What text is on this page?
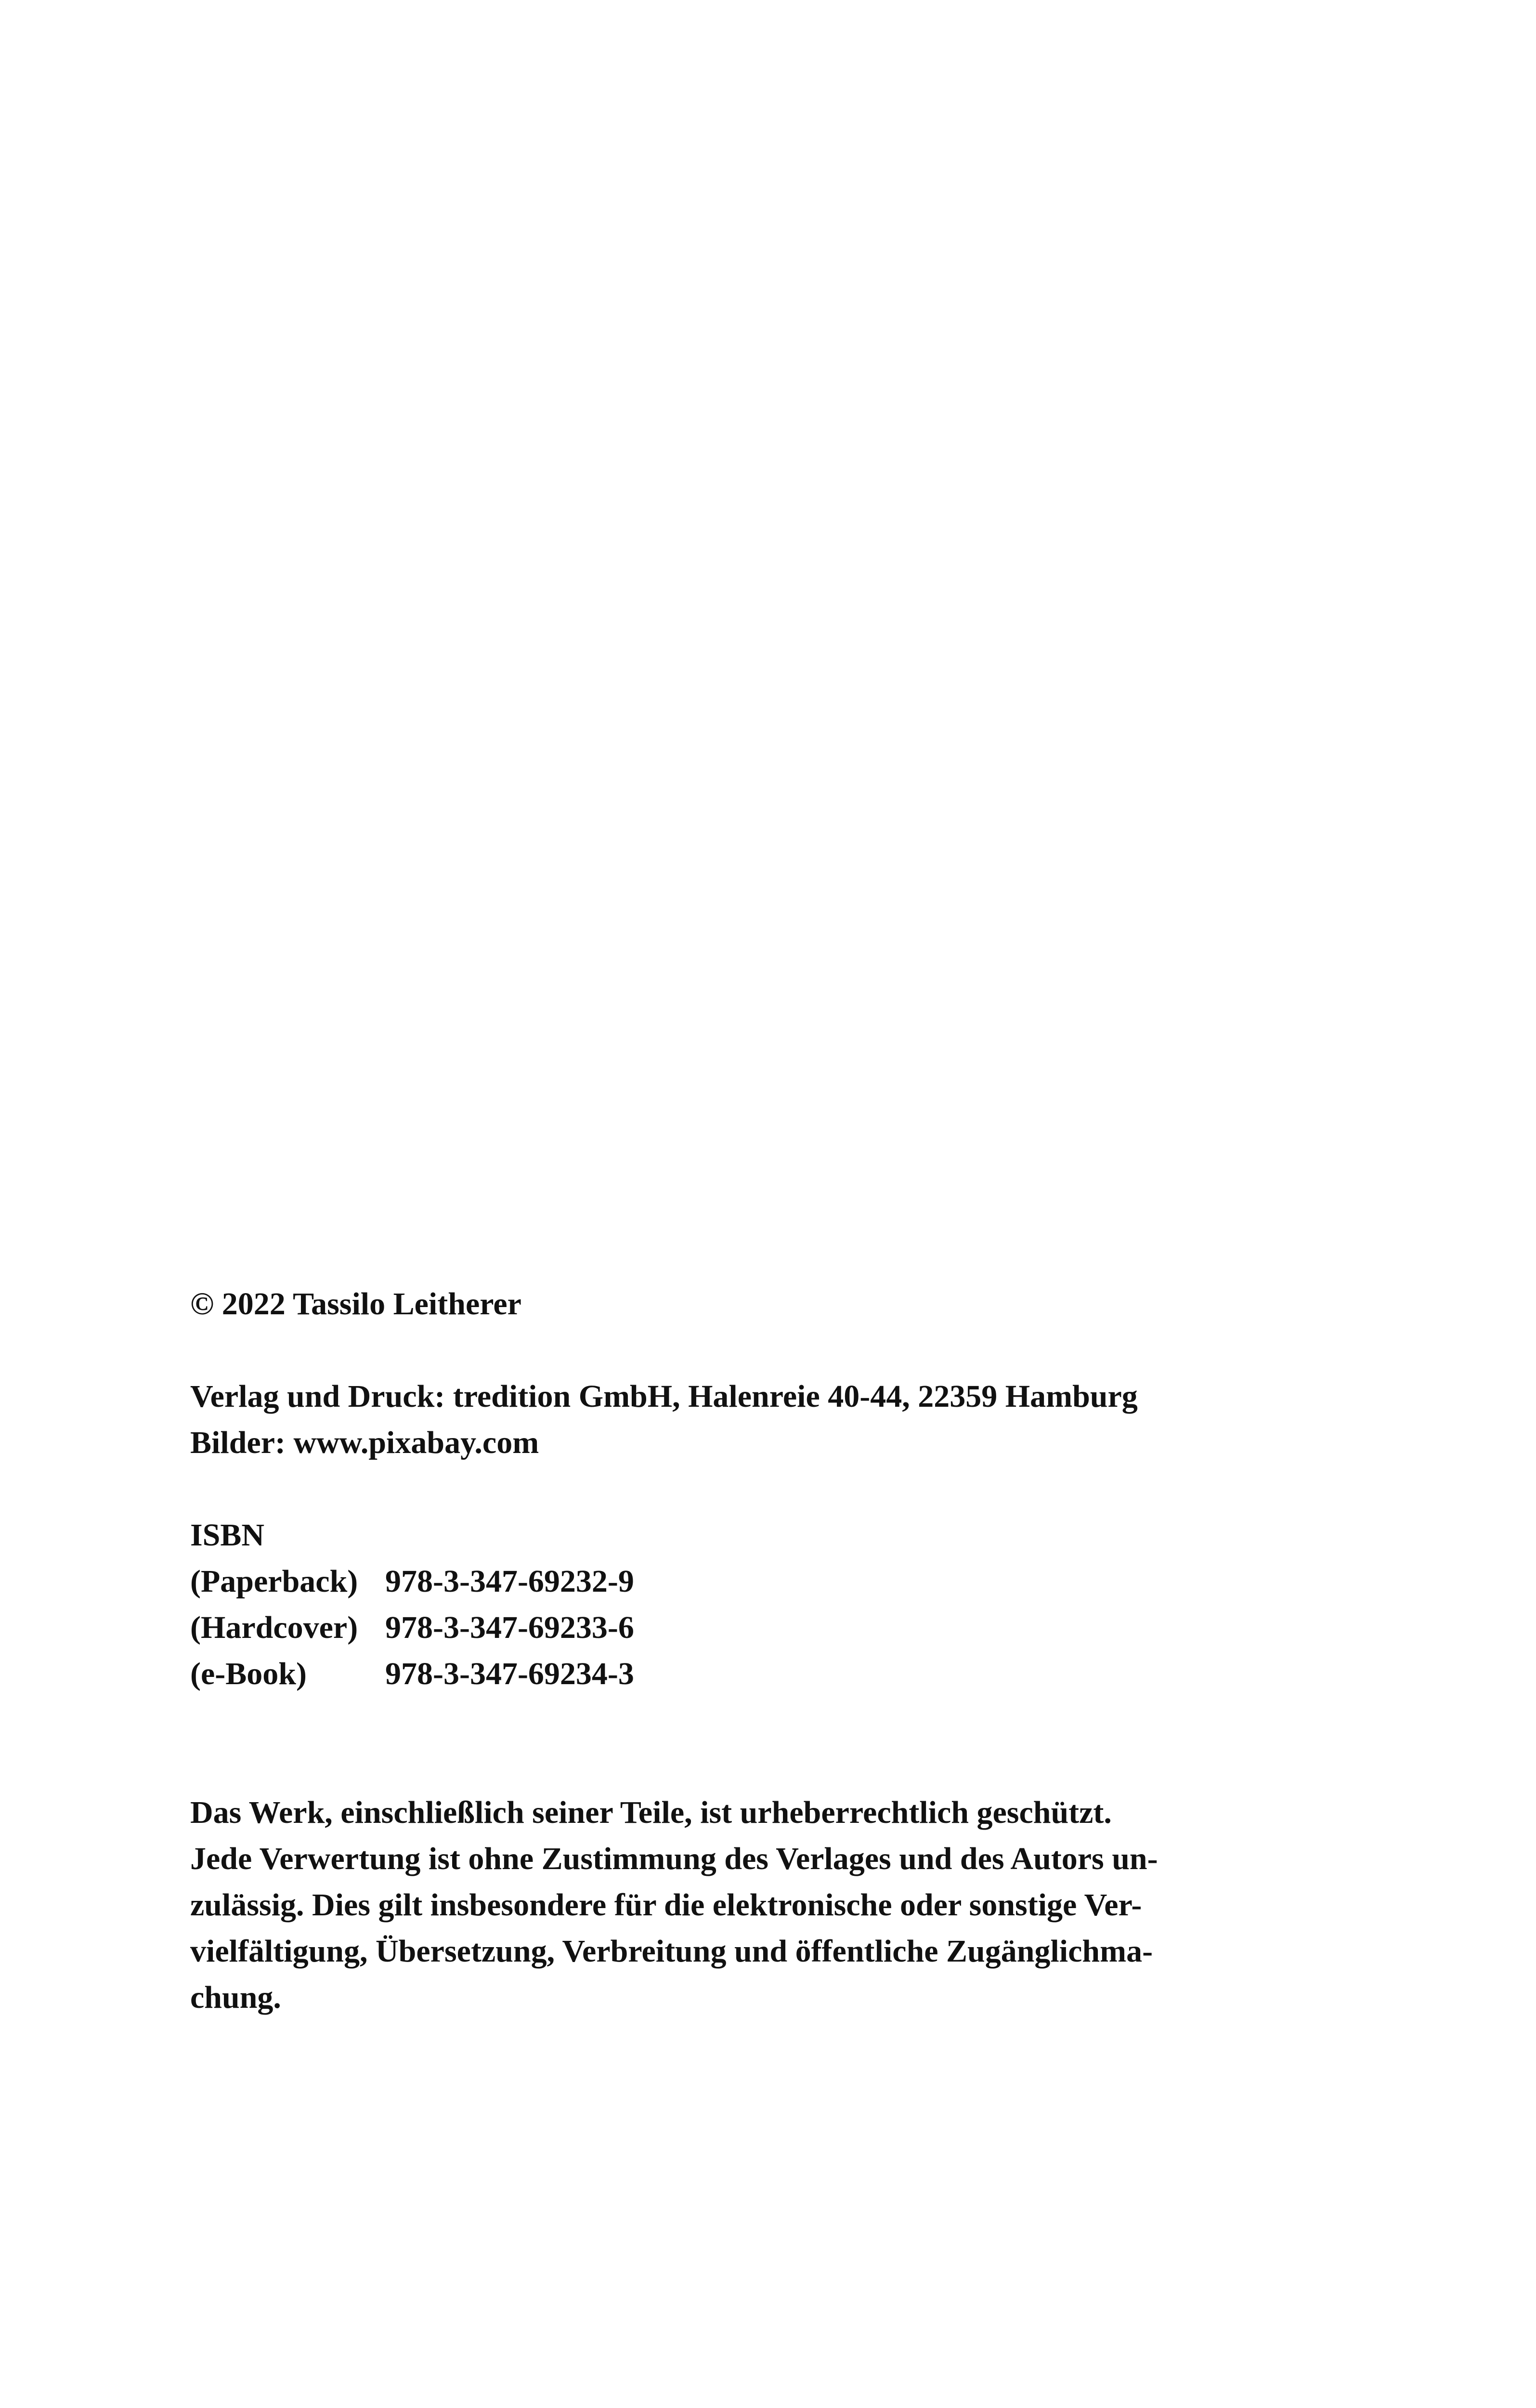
© 2022 Tassilo Leitherer
Verlag und Druck: tredition GmbH, Halenreie 40-44, 22359 Hamburg
Bilder: www.pixabay.com
ISBN
(Paperback) 978-3-347-69232-9
(Hardcover) 978-3-347-69233-6
(e-Book)	978-3-347-69234-3
Das Werk, einschließlich seiner Teile, ist urheberrechtlich geschützt.
Jede Verwertung ist ohne Zustimmung des Verlages und des Autors un-
zulässig. Dies gilt insbesondere für die elektronische oder sonstige Ver-
vielfältigung, Übersetzung, Verbreitung und öffentliche Zugänglichma-
chung.
